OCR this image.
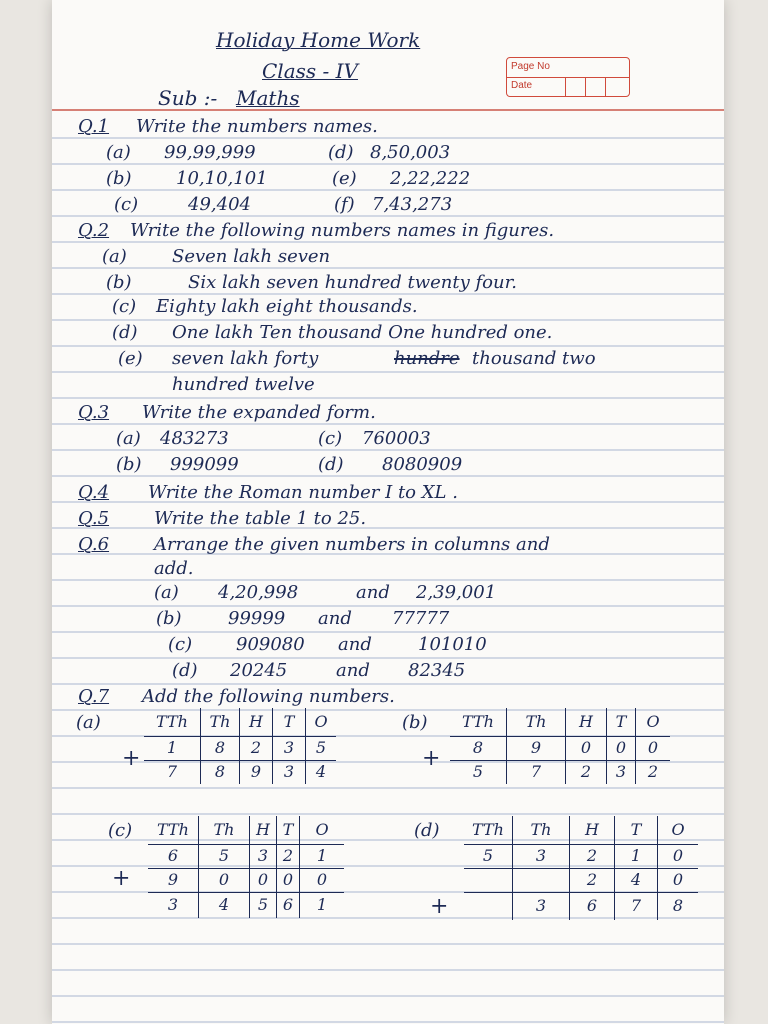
Page No
Date
Holiday Home Work
Class - IV
Sub :- Maths
Q.1 Write the numbers names.
(a) 99,99,999
(b) 10,10,101
(c)	49,404
(d) 8,50,003
(e) 2,22,222
(f) 7,43,273
Q.2 Write the following numbers names in figures.
(a)	Seven lakh seven
(b)	Six lakh seven hundred twenty four.
(c) Eighty lakh eight thousands.
(d) One lakh Ten thousand One hundred one.
(e) seven lakh forty	hundre thousand two
hundred twelve
Q.3 Write the expanded form.
(a) 483273
(b) 999099
(c) 760003
(d) 8080909
Q.4 Write the Roman number I to XL .
Q.5 Write the table 1 to 25.
Q.6 Arrange the given numbers in columns and
add.
(a) 4,20,998	and 2,39,001
(b)	99999 and 77777
(c) 909080 and	101010
(d) 20245	and 82345
Q.7 Add the following numbers.
(a)
+
TTh	Th	H	T	O
1	8	2	3	5
7	8	9	3	4
(b)
+
TTh	Th	H	T	O
8	9	0	0	0
5	7	2	3	2
(c)
+
TTh	Th	H	T	O
6	5	3	2	1
9	0	0	0	0
3	4	5	6	1
(d)
+
TTh	Th	H	T	O
5	3	2	1	0
		2	4	0
	3	6	7	8
